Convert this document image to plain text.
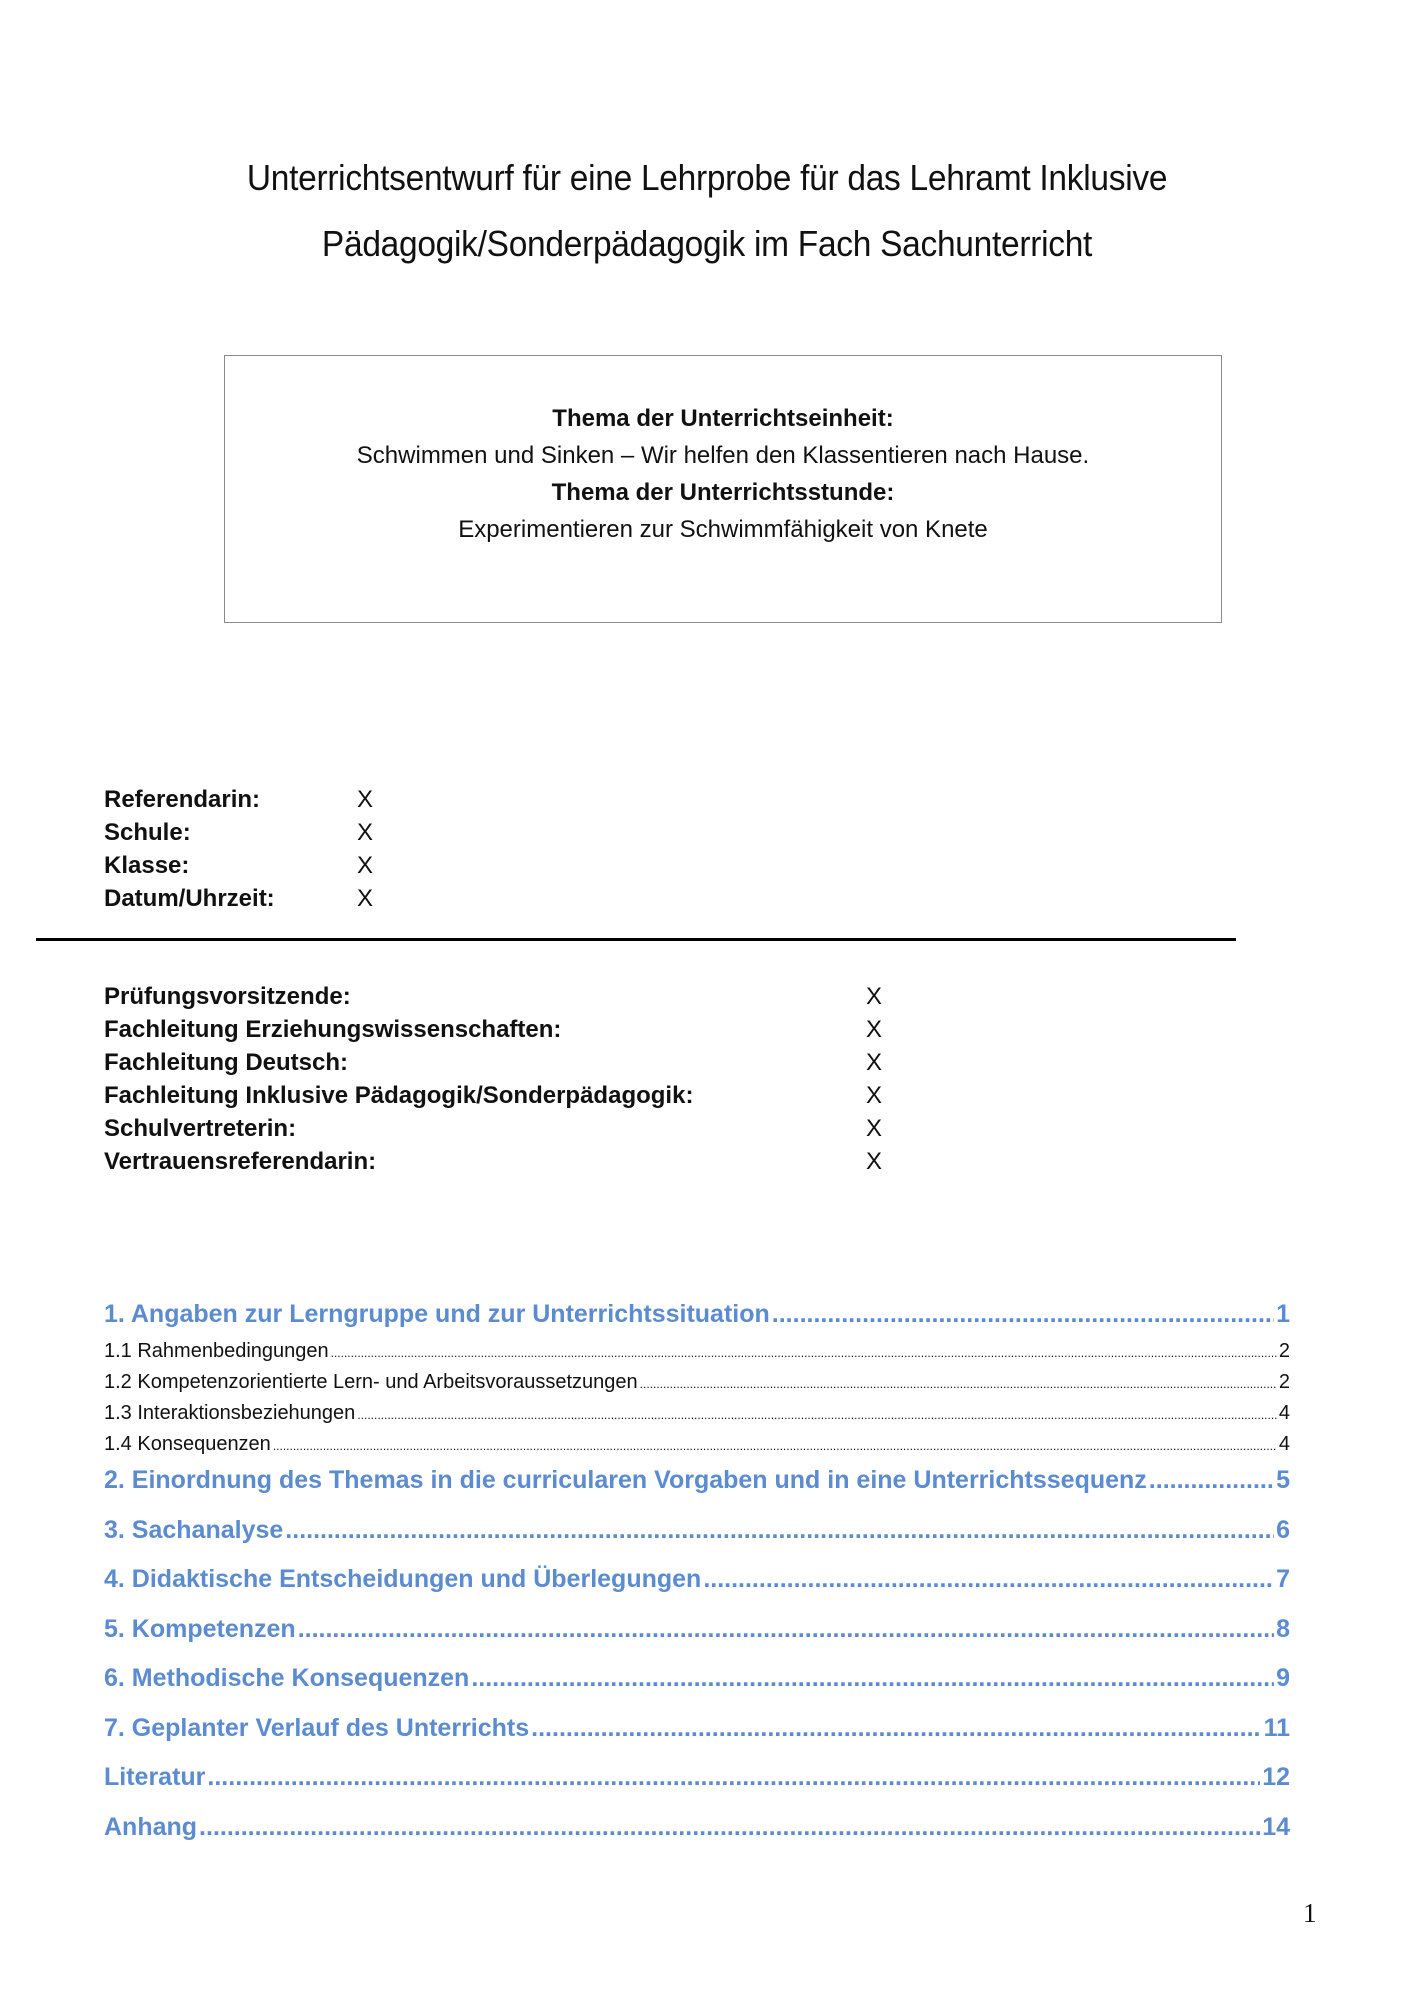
Unterrichtsentwurf für eine Lehrprobe für das Lehramt Inklusive
Pädagogik/Sonderpädagogik im Fach Sachunterricht
Thema der Unterrichtseinheit:
Schwimmen und Sinken – Wir helfen den Klassentieren nach Hause.
Thema der Unterrichtsstunde:
Experimentieren zur Schwimmfähigkeit von Knete
Referendarin:	X
Schule:	X
Klasse:	X
Datum/Uhrzeit:	X
Prüfungsvorsitzende:	X
Fachleitung Erziehungswissenschaften:	X
Fachleitung Deutsch:	X
Fachleitung Inklusive Pädagogik/Sonderpädagogik:	X
Schulvertreterin:	X
Vertrauensreferendarin:	X
1. Angaben zur Lerngruppe und zur Unterrichtssituation .....	1
1.1 Rahmenbedingungen .....	2
1.2 Kompetenzorientierte Lern- und Arbeitsvoraussetzungen .....	2
1.3 Interaktionsbeziehungen .....	4
1.4 Konsequenzen .....	4
2. Einordnung des Themas in die curricularen Vorgaben und in eine Unterrichtssequenz .....	5
3. Sachanalyse .....	6
4. Didaktische Entscheidungen und Überlegungen .....	7
5. Kompetenzen .....	8
6. Methodische Konsequenzen .....	9
7. Geplanter Verlauf des Unterrichts .....	11
Literatur .....	12
Anhang .....	14
1
